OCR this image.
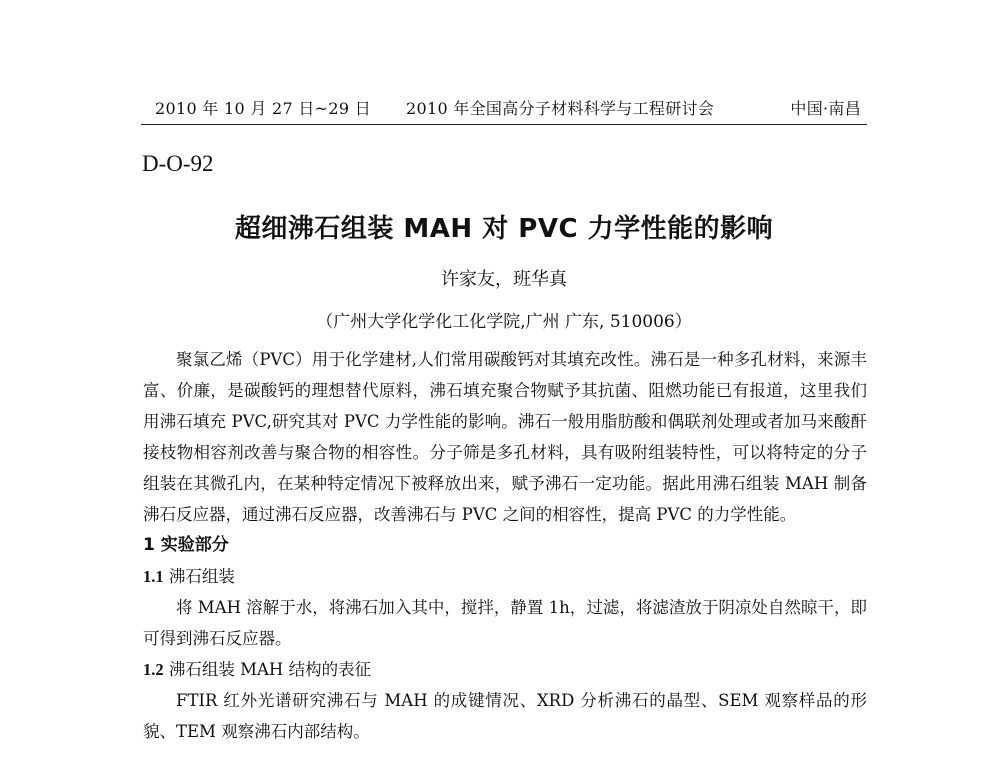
2010 年 10 月 27 日~29 日 2010 年全国高分子材料科学与工程研讨会	中国·南昌
D-O-92
超细沸石组装 MAH 对 PVC 力学性能的影响
许家友，班华真
（广州大学化学化工化学院,广州 广东, 510006）

聚氯乙烯（PVC）用于化学建材,人们常用碳酸钙对其填充改性。沸石是一种多孔材料，来源丰富、价廉，是碳酸钙的理想替代原料，沸石填充聚合物赋予其抗菌、阻燃功能已有报道，这里我们用沸石填充 PVC,研究其对 PVC 力学性能的影响。沸石一般用脂肪酸和偶联剂处理或者加马来酸酐接枝物相容剂改善与聚合物的相容性。分子筛是多孔材料，具有吸附组装特性，可以将特定的分子组装在其微孔内，在某种特定情况下被释放出来，赋予沸石一定功能。据此用沸石组装 MAH 制备沸石反应器，通过沸石反应器，改善沸石与 PVC 之间的相容性，提高 PVC 的力学性能。

1 实验部分
1.1 沸石组装

将 MAH 溶解于水，将沸石加入其中，搅拌，静置 1h，过滤，将滤渣放于阴凉处自然晾干，即可得到沸石反应器。

1.2 沸石组装 MAH 结构的表征

FTIR 红外光谱研究沸石与 MAH 的成键情况、XRD 分析沸石的晶型、SEM 观察样品的形貌、TEM 观察沸石内部结构。
